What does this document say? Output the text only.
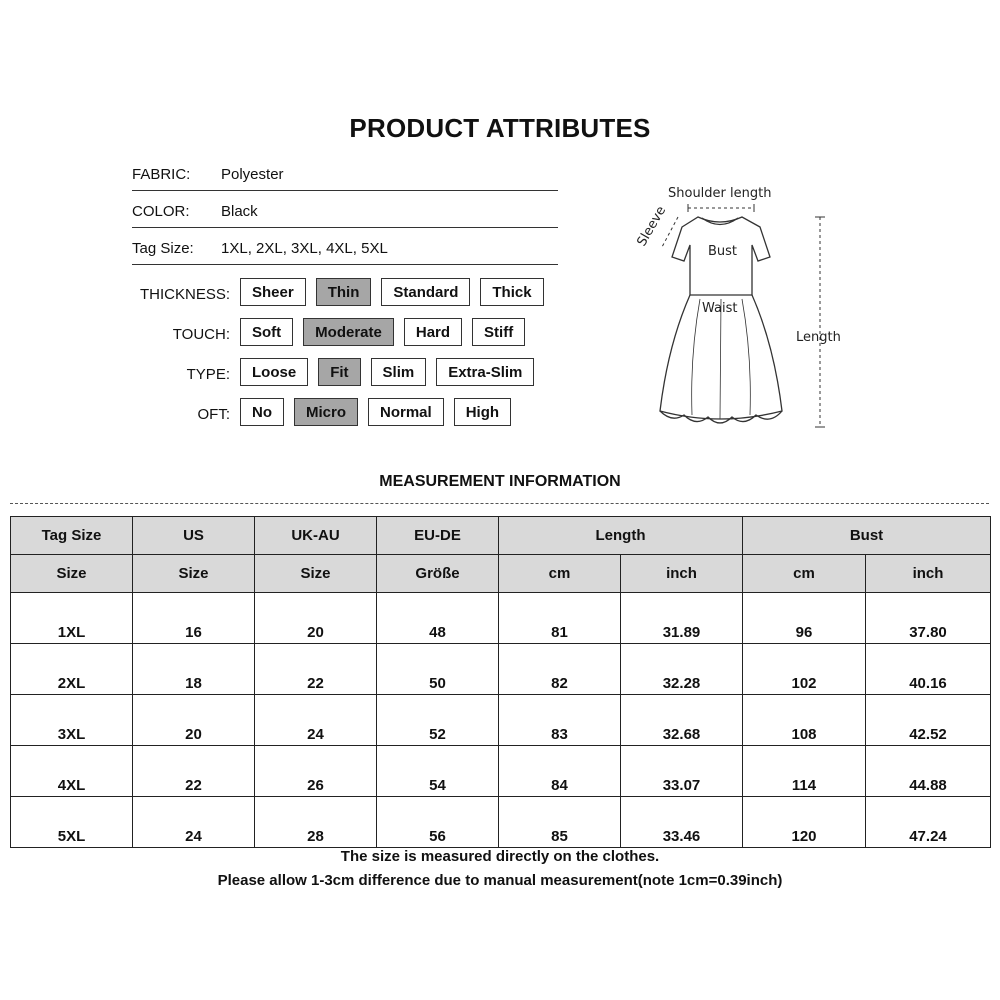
PRODUCT ATTRIBUTES
FABRIC: Polyester
COLOR: Black
Tag Size: 1XL, 2XL, 3XL, 4XL, 5XL
THICKNESS:	Sheer	Thin	Standard	Thick
TOUCH:	Soft	Moderate	Hard	Stiff
TYPE:	Loose	Fit	Slim	Extra-Slim
OFT:	No	Micro	Normal	High
Shoulder length
Bust
Waist
Length
Sleeve
MEASUREMENT INFORMATION
Tag Size	US	UK-AU	EU-DE	Length		Bust	
Size	Size	Size	Größe	cm	inch	cm	inch
1XL	16	20	48	81	31.89	96	37.80
2XL	18	22	50	82	32.28	102	40.16
3XL	20	24	52	83	32.68	108	42.52
4XL	22	26	54	84	33.07	114	44.88
5XL	24	28	56	85	33.46	120	47.24
The size is measured directly on the clothes.
Please allow 1-3cm difference due to manual measurement(note 1cm=0.39inch)
